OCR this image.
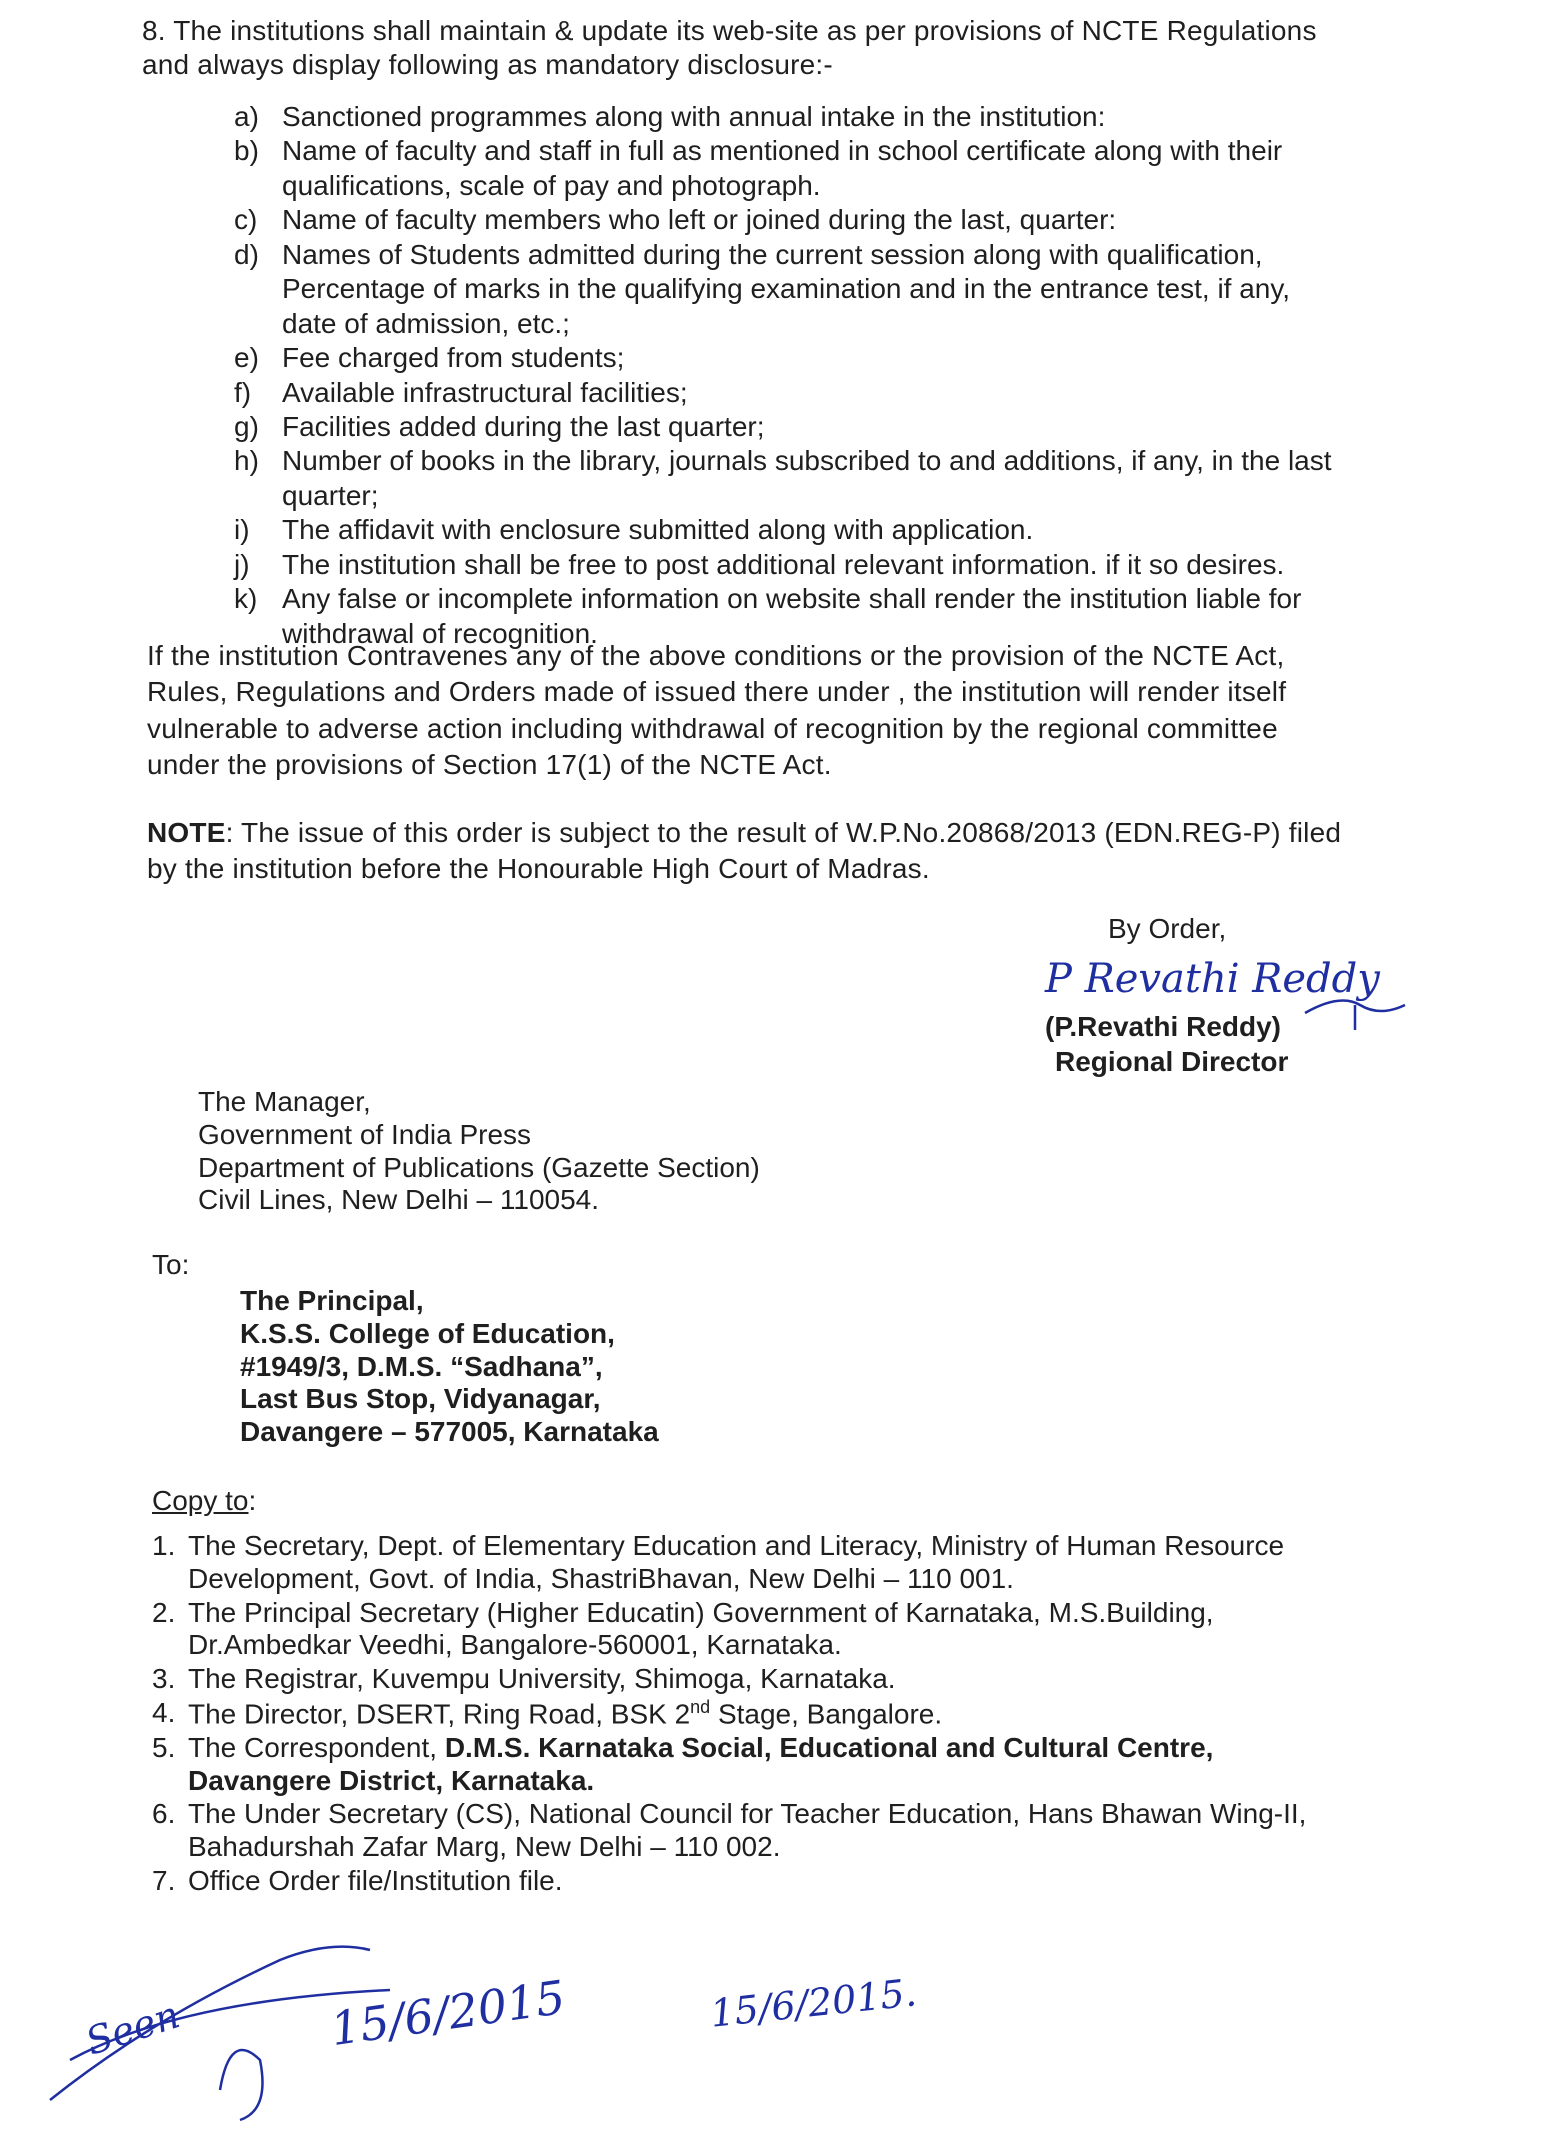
8. The institutions shall maintain & update its web-site as per provisions of NCTE Regulations and always display following as mandatory disclosure:-
a) Sanctioned programmes along with annual intake in the institution:
b) Name of faculty and staff in full as mentioned in school certificate along with their qualifications, scale of pay and photograph.
c) Name of faculty members who left or joined during the last, quarter:
d) Names of Students admitted during the current session along with qualification, Percentage of marks in the qualifying examination and in the entrance test, if any, date of admission, etc.;
e) Fee charged from students;
f)	Available infrastructural facilities;
g) Facilities added during the last quarter;
h) Number of books in the library, journals subscribed to and additions, if any, in the last quarter;
i)	The affidavit with enclosure submitted along with application.
j)	The institution shall be free to post additional relevant information. if it so desires.
k) Any false or incomplete information on website shall render the institution liable for withdrawal of recognition.
If the institution Contravenes any of the above conditions or the provision of the NCTE Act, Rules, Regulations and Orders made of issued there under , the institution will render itself vulnerable to adverse action including withdrawal of recognition by the regional committee under the provisions of Section 17(1) of the NCTE Act.
NOTE: The issue of this order is subject to the result of W.P.No.20868/2013 (EDN.REG-P) filed by the institution before the Honourable High Court of Madras.
By Order,
P Revathi Reddy
(P.Revathi Reddy)
Regional Director
The Manager,
Government of India Press
Department of Publications (Gazette Section)
Civil Lines, New Delhi – 110054.
To:
The Principal,
K.S.S. College of Education,
#1949/3, D.M.S. “Sadhana”,
Last Bus Stop, Vidyanagar,
Davangere – 577005, Karnataka
Copy to:
1. The Secretary, Dept. of Elementary Education and Literacy, Ministry of Human Resource Development, Govt. of India, ShastriBhavan, New Delhi – 110 001.
2. The Principal Secretary (Higher Educatin) Government of Karnataka, M.S.Building, Dr.Ambedkar Veedhi, Bangalore-560001, Karnataka.
3. The Registrar, Kuvempu University, Shimoga, Karnataka.
4. The Director, DSERT, Ring Road, BSK 2nd Stage, Bangalore.
5. The Correspondent, D.M.S. Karnataka Social, Educational and Cultural Centre, Davangere District, Karnataka.
6. The Under Secretary (CS), National Council for Teacher Education, Hans Bhawan Wing-II, Bahadurshah Zafar Marg, New Delhi – 110 002.
7. Office Order file/Institution file.
Seen	15/6/2015	15/6/2015.
